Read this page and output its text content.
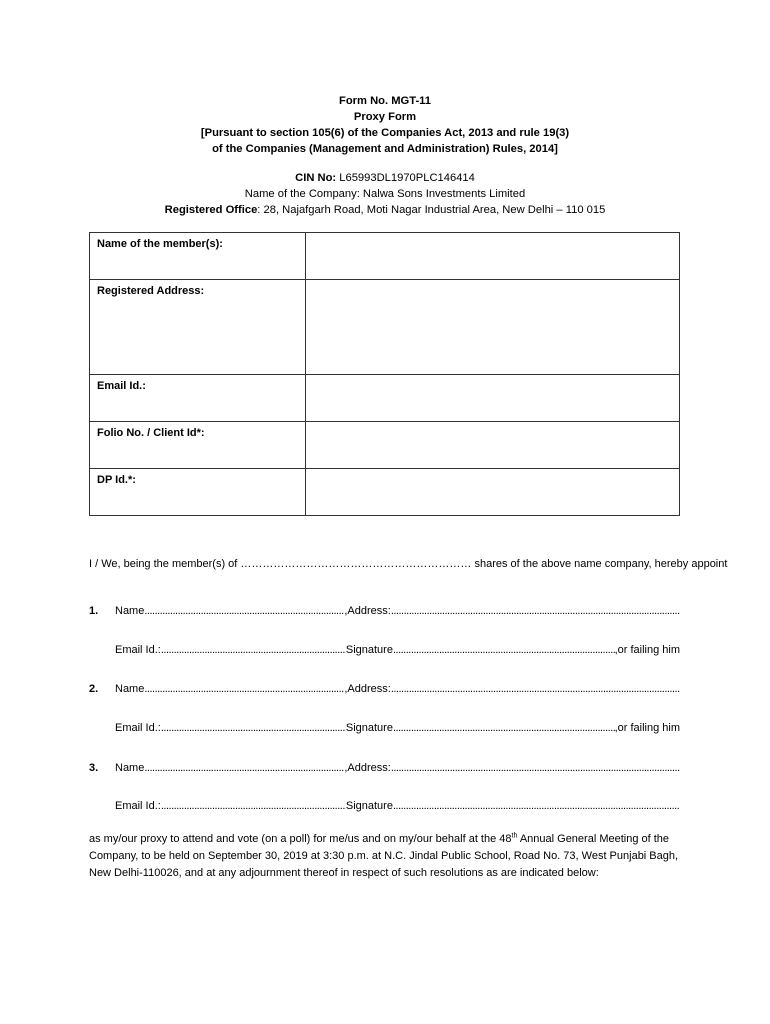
Form No. MGT-11
Proxy Form
[Pursuant to section 105(6) of the Companies Act, 2013 and rule 19(3)
of the Companies (Management and Administration) Rules, 2014]
CIN No: L65993DL1970PLC146414
Name of the Company: Nalwa Sons Investments Limited
Registered Office: 28, Najafgarh Road, Moti Nagar Industrial Area, New Delhi – 110 015
Name of the member(s):	
Registered Address:	
Email Id.:	
Folio No. / Client Id*:	
DP Id.*:	
I / We, being the member(s) of ……………………………………………………… shares of the above name company, hereby appoint
1. Name .....	,Address:
.....
Email Id.: .....	Signature .....	,or failing him
2. Name .....	,Address:
.....
Email Id.: .....	Signature .....	,or failing him
3. Name .....	,Address:
.....
Email Id.: .....	Signature
.....
as my/our proxy to attend and vote (on a poll) for me/us and on my/our behalf at the 48th Annual General Meeting of the Company, to be held on September 30, 2019 at 3:30 p.m. at N.C. Jindal Public School, Road No. 73, West Punjabi Bagh, New Delhi-110026, and at any adjournment thereof in respect of such resolutions as are indicated below:
